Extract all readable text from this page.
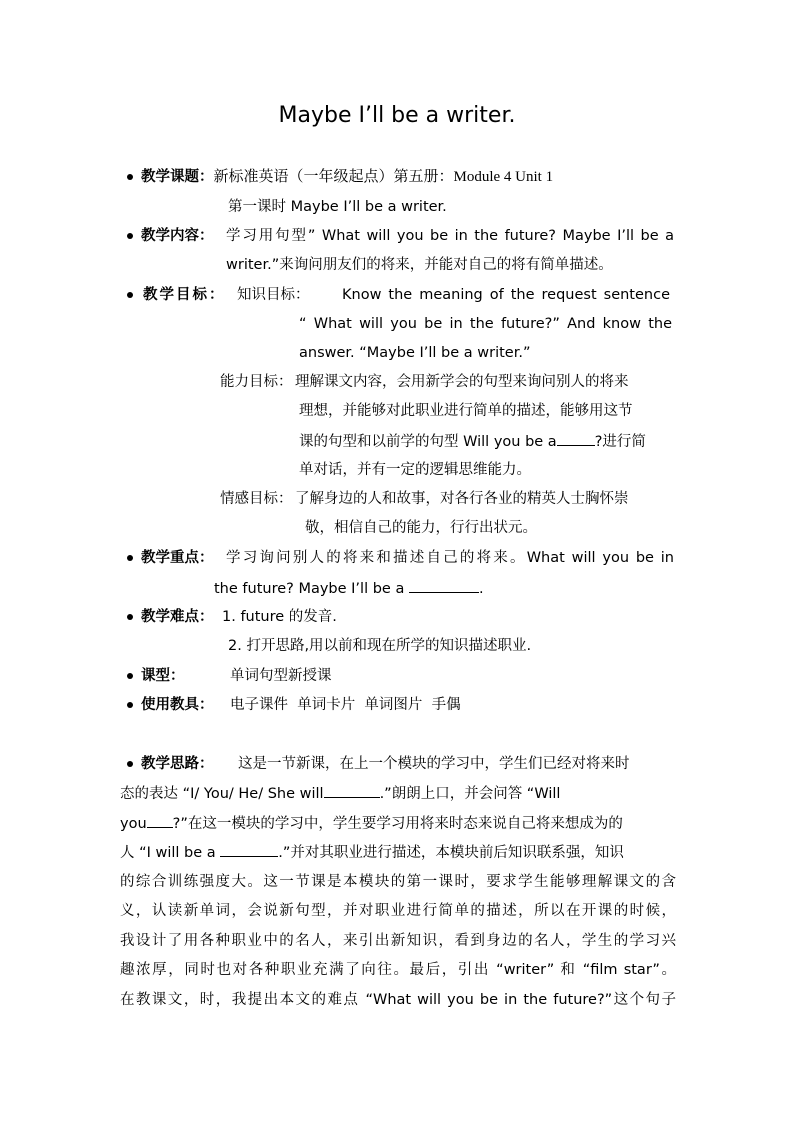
Maybe I’ll be a writer.
教学课题：新标准英语（一年级起点）第五册：Module 4 Unit 1
第一课时 Maybe I’ll be a writer.
教学内容： 学习用句型” What will you be in the future? Maybe I’ll be a
writer.”来询问朋友们的将来，并能对自己的将有简单描述。
教学目标： 知识目标： Know the meaning of the request sentence
“ What will you be in the future?” And know the
answer. “Maybe I’ll be a writer.”
能力目标： 理解课文内容，会用新学会的句型来询问别人的将来
理想，并能够对此职业进行简单的描述，能够用这节
课的句型和以前学的句型 Will you be a	?进行简
单对话，并有一定的逻辑思维能力。
情感目标： 了解身边的人和故事，对各行各业的精英人士胸怀崇
敬，相信自己的能力，行行出状元。
教学重点： 学习询问别人的将来和描述自己的将来。What will you be in
the future? Maybe I’ll be a	.
教学难点： 1. future 的发音.
2. 打开思路,用以前和现在所学的知识描述职业.
课型：	单词句型新授课
使用教具： 电子课件  单词卡片  单词图片  手偶
教学思路： 这是一节新课，在上一个模块的学习中，学生们已经对将来时
态的表达 “I/ You/ He/ She will	.”朗朗上口，并会问答 “Will
you ?”在这一模块的学习中，学生要学习用将来时态来说自己将来想成为的
人 “I will be a	.”并对其职业进行描述，本模块前后知识联系强，知识
的综合训练强度大。这一节课是本模块的第一课时，要求学生能够理解课文的含
义，认读新单词，会说新句型，并对职业进行简单的描述，所以在开课的时候，
我设计了用各种职业中的名人，来引出新知识，看到身边的名人，学生的学习兴
趣浓厚，同时也对各种职业充满了向往。最后，引出 “writer” 和 “film star”。
在教课文，时，我提出本文的难点 “What will you be in the future?”这个句子
